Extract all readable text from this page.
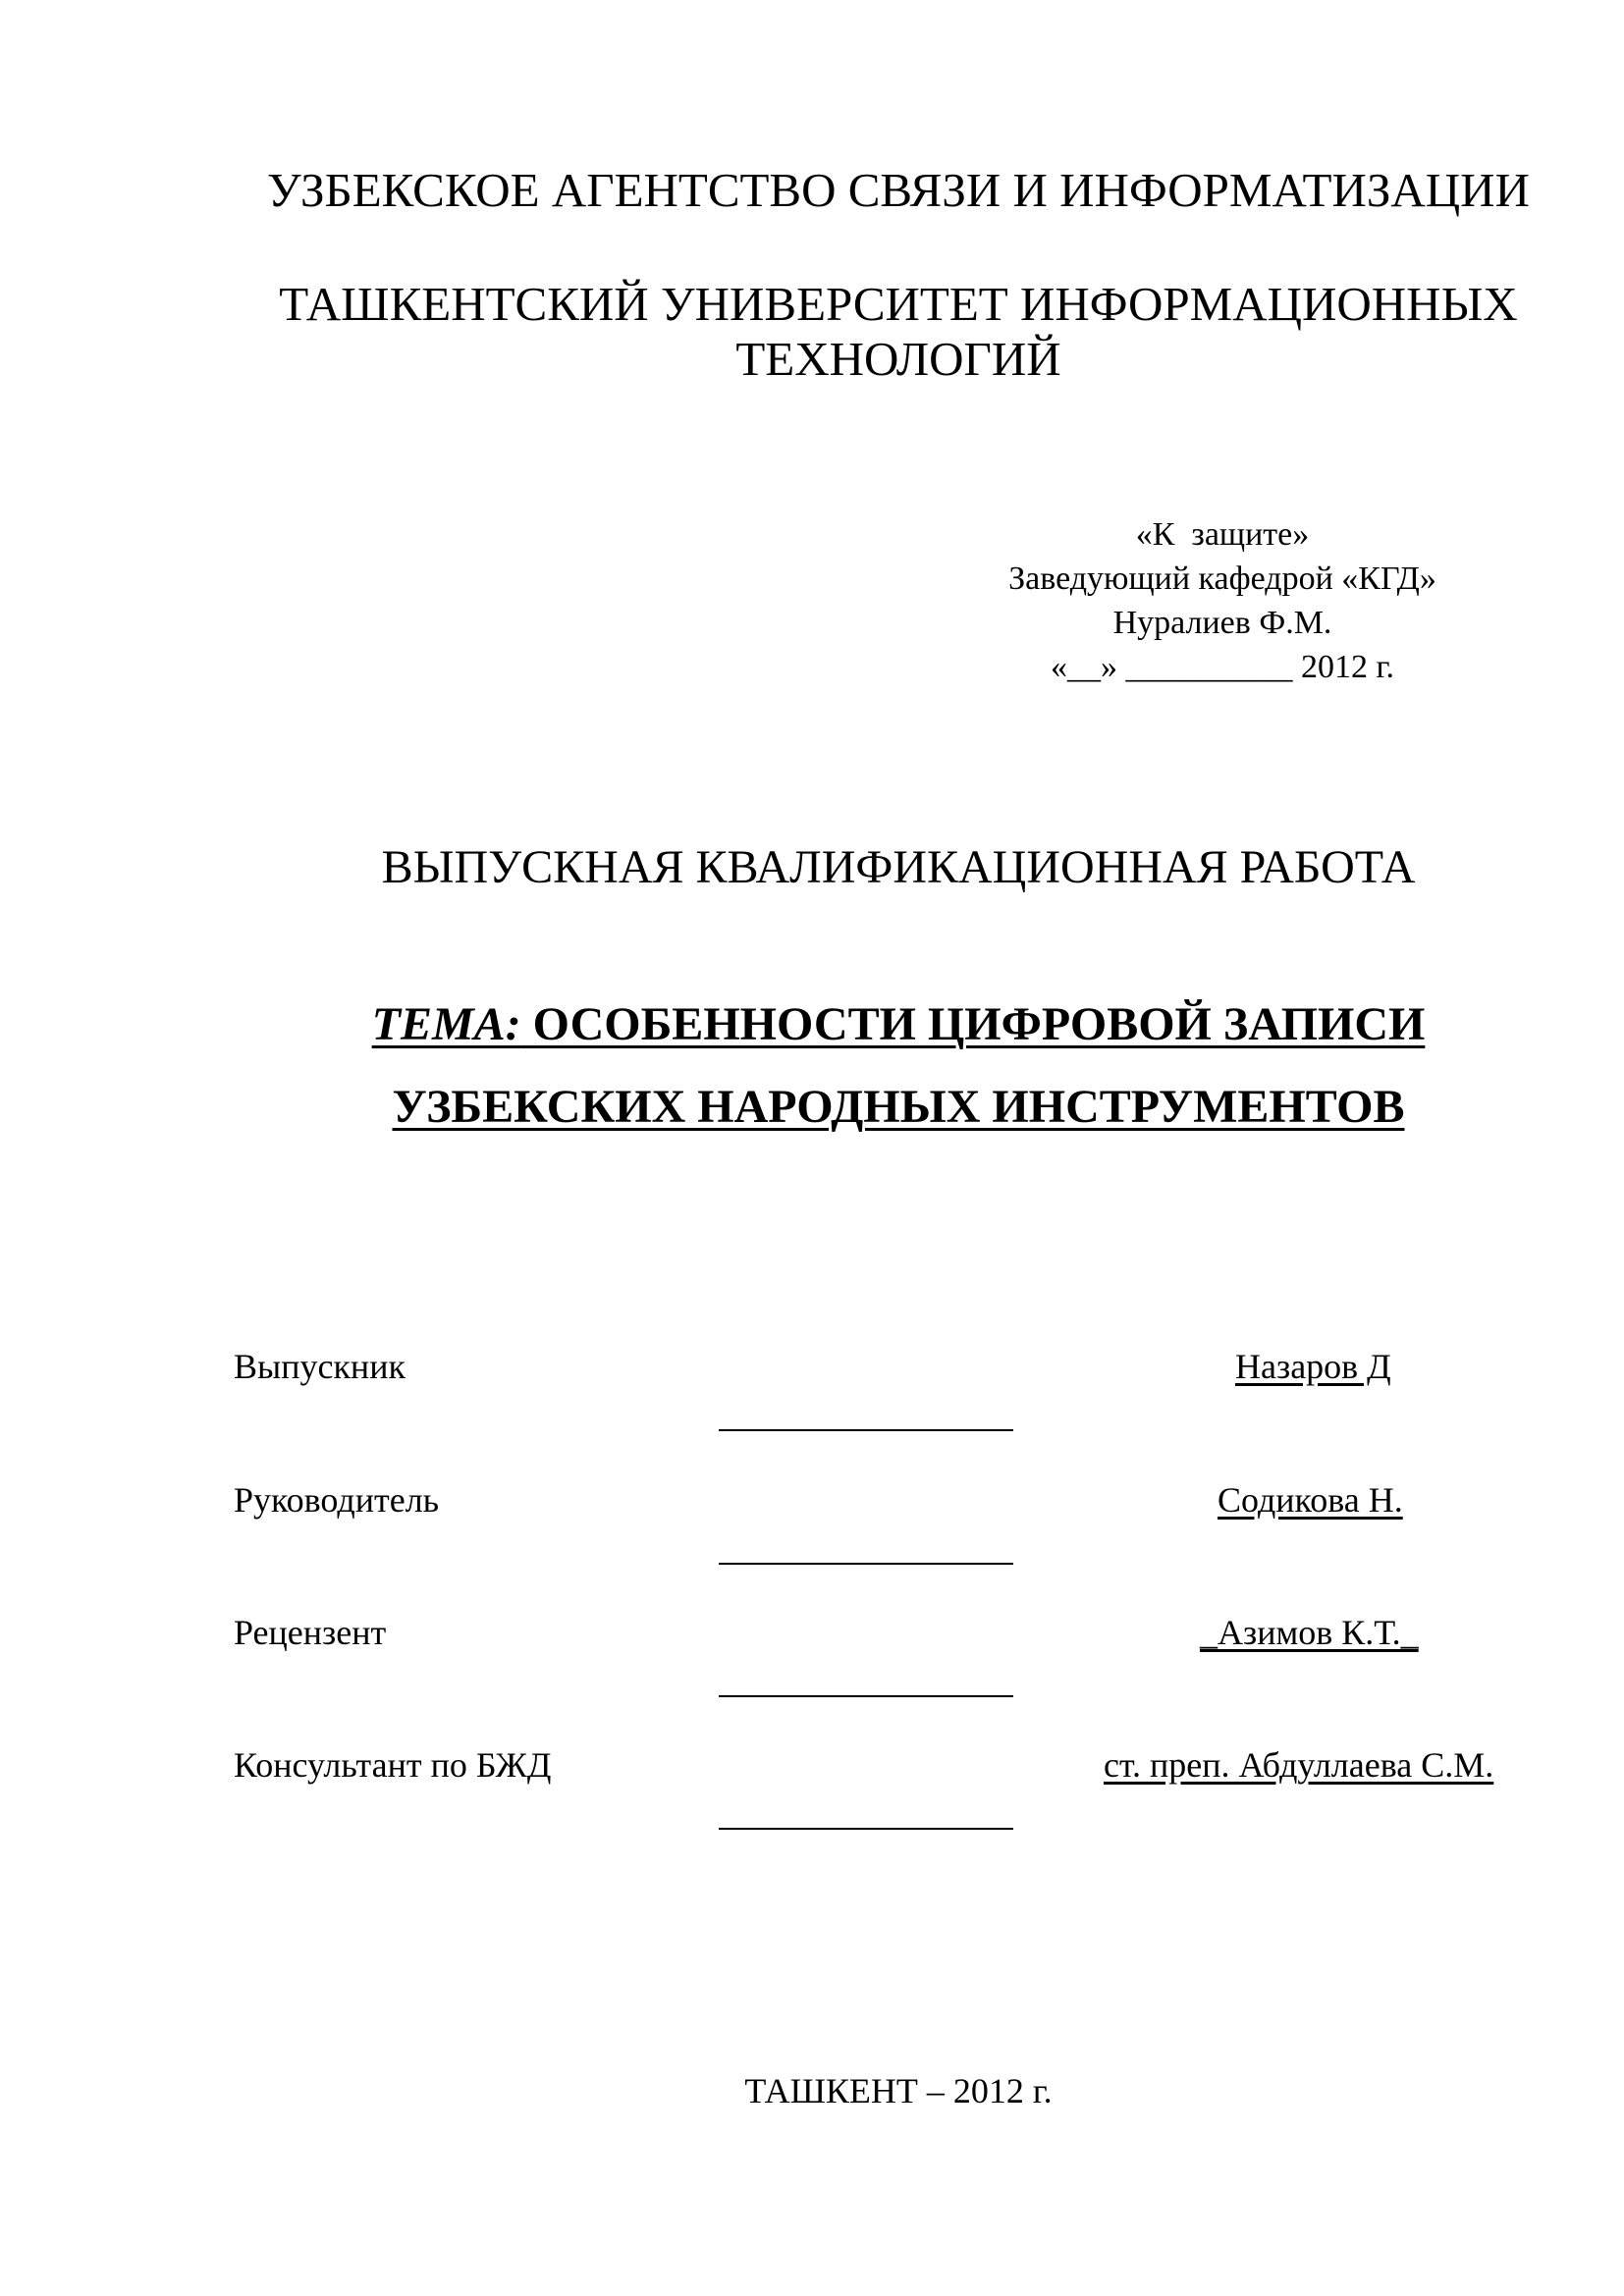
УЗБЕКСКОЕ АГЕНТСТВО СВЯЗИ И ИНФОРМАТИЗАЦИИ
ТАШКЕНТСКИЙ УНИВЕРСИТЕТ ИНФОРМАЦИОННЫХ
ТЕХНОЛОГИЙ
«К  защите»
Заведующий кафедрой «КГД»
Нуралиев Ф.М.
«__» __________ 2012 г.
ВЫПУСКНАЯ КВАЛИФИКАЦИОННАЯ РАБОТА
ТЕМА: ОСОБЕННОСТИ ЦИФРОВОЙ ЗАПИСИ
УЗБЕКСКИХ НАРОДНЫХ ИНСТРУМЕНТОВ
Выпускник	Назаров Д
Руководитель	Содикова Н.
Рецензент	_Азимов К.Т._
Консультант по БЖД	ст. преп. Абдуллаева С.М.
ТАШКЕНТ – 2012 г.
